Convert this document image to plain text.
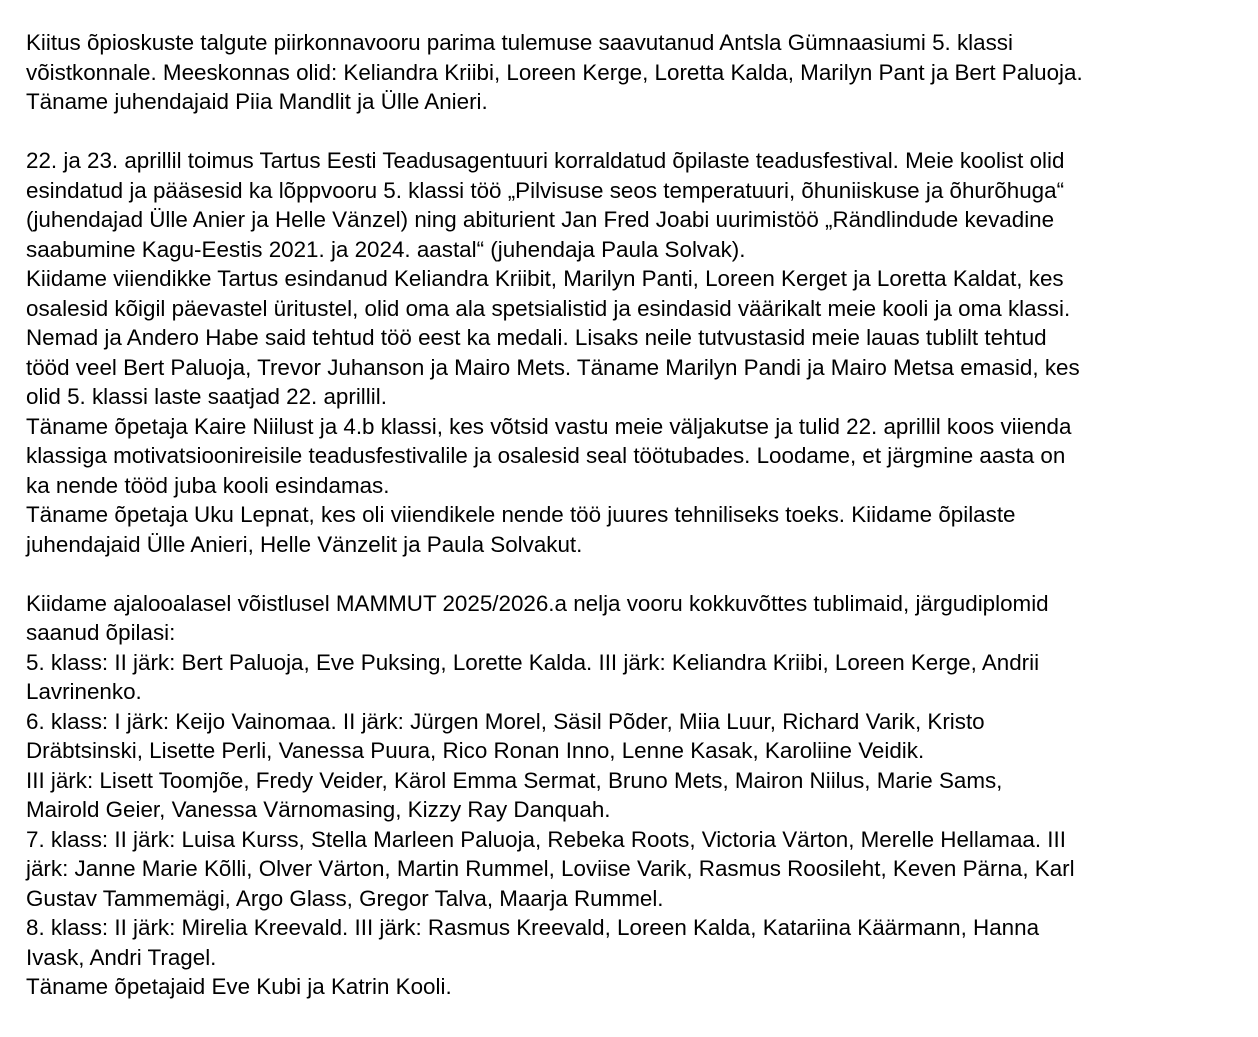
Kiitus õpioskuste talgute piirkonnavooru parima tulemuse saavutanud Antsla Gümnaasiumi 5. klassi
võistkonnale. Meeskonnas olid: Keliandra Kriibi, Loreen Kerge, Loretta Kalda, Marilyn Pant ja Bert Paluoja.
Täname juhendajaid Piia Mandlit ja Ülle Anieri.
22. ja 23. aprillil toimus Tartus Eesti Teadusagentuuri korraldatud õpilaste teadusfestival. Meie koolist olid
esindatud ja pääsesid ka lõppvooru 5. klassi töö „Pilvisuse seos temperatuuri, õhuniiskuse ja õhurõhuga“
(juhendajad Ülle Anier ja Helle Vänzel) ning abiturient Jan Fred Joabi uurimistöö „Rändlindude kevadine
saabumine Kagu-Eestis 2021. ja 2024. aastal“ (juhendaja Paula Solvak).
Kiidame viiendikke Tartus esindanud Keliandra Kriibit, Marilyn Panti, Loreen Kerget ja Loretta Kaldat, kes
osalesid kõigil päevastel üritustel, olid oma ala spetsialistid ja esindasid väärikalt meie kooli ja oma klassi.
Nemad ja Andero Habe said tehtud töö eest ka medali. Lisaks neile tutvustasid meie lauas tublilt tehtud
tööd veel Bert Paluoja, Trevor Juhanson ja Mairo Mets. Täname Marilyn Pandi ja Mairo Metsa emasid, kes
olid 5. klassi laste saatjad 22. aprillil.
Täname õpetaja Kaire Niilust ja 4.b klassi, kes võtsid vastu meie väljakutse ja tulid 22. aprillil koos viienda
klassiga motivatsioonireisile teadusfestivalile ja osalesid seal töötubades. Loodame, et järgmine aasta on
ka nende tööd juba kooli esindamas.
Täname õpetaja Uku Lepnat, kes oli viiendikele nende töö juures tehniliseks toeks. Kiidame õpilaste
juhendajaid Ülle Anieri, Helle Vänzelit ja Paula Solvakut.
Kiidame ajalooalasel võistlusel MAMMUT 2025/2026.a nelja vooru kokkuvõttes tublimaid, järgudiplomid
saanud õpilasi:
5. klass: II järk: Bert Paluoja, Eve Puksing, Lorette Kalda. III järk: Keliandra Kriibi, Loreen Kerge, Andrii
Lavrinenko.
6. klass: I järk: Keijo Vainomaa. II järk: Jürgen Morel, Säsil Põder, Miia Luur, Richard Varik, Kristo
Dräbtsinski, Lisette Perli, Vanessa Puura, Rico Ronan Inno, Lenne Kasak, Karoliine Veidik.
III järk: Lisett Toomjõe, Fredy Veider, Kärol Emma Sermat, Bruno Mets, Mairon Niilus, Marie Sams,
Mairold Geier, Vanessa Värnomasing, Kizzy Ray Danquah.
7. klass: II järk: Luisa Kurss, Stella Marleen Paluoja, Rebeka Roots, Victoria Värton, Merelle Hellamaa. III
järk: Janne Marie Kõlli, Olver Värton, Martin Rummel, Loviise Varik, Rasmus Roosileht, Keven Pärna, Karl
Gustav Tammemägi, Argo Glass, Gregor Talva, Maarja Rummel.
8. klass: II järk: Mirelia Kreevald. III järk: Rasmus Kreevald, Loreen Kalda, Katariina Käärmann, Hanna
Ivask, Andri Tragel.
Täname õpetajaid Eve Kubi ja Katrin Kooli.
